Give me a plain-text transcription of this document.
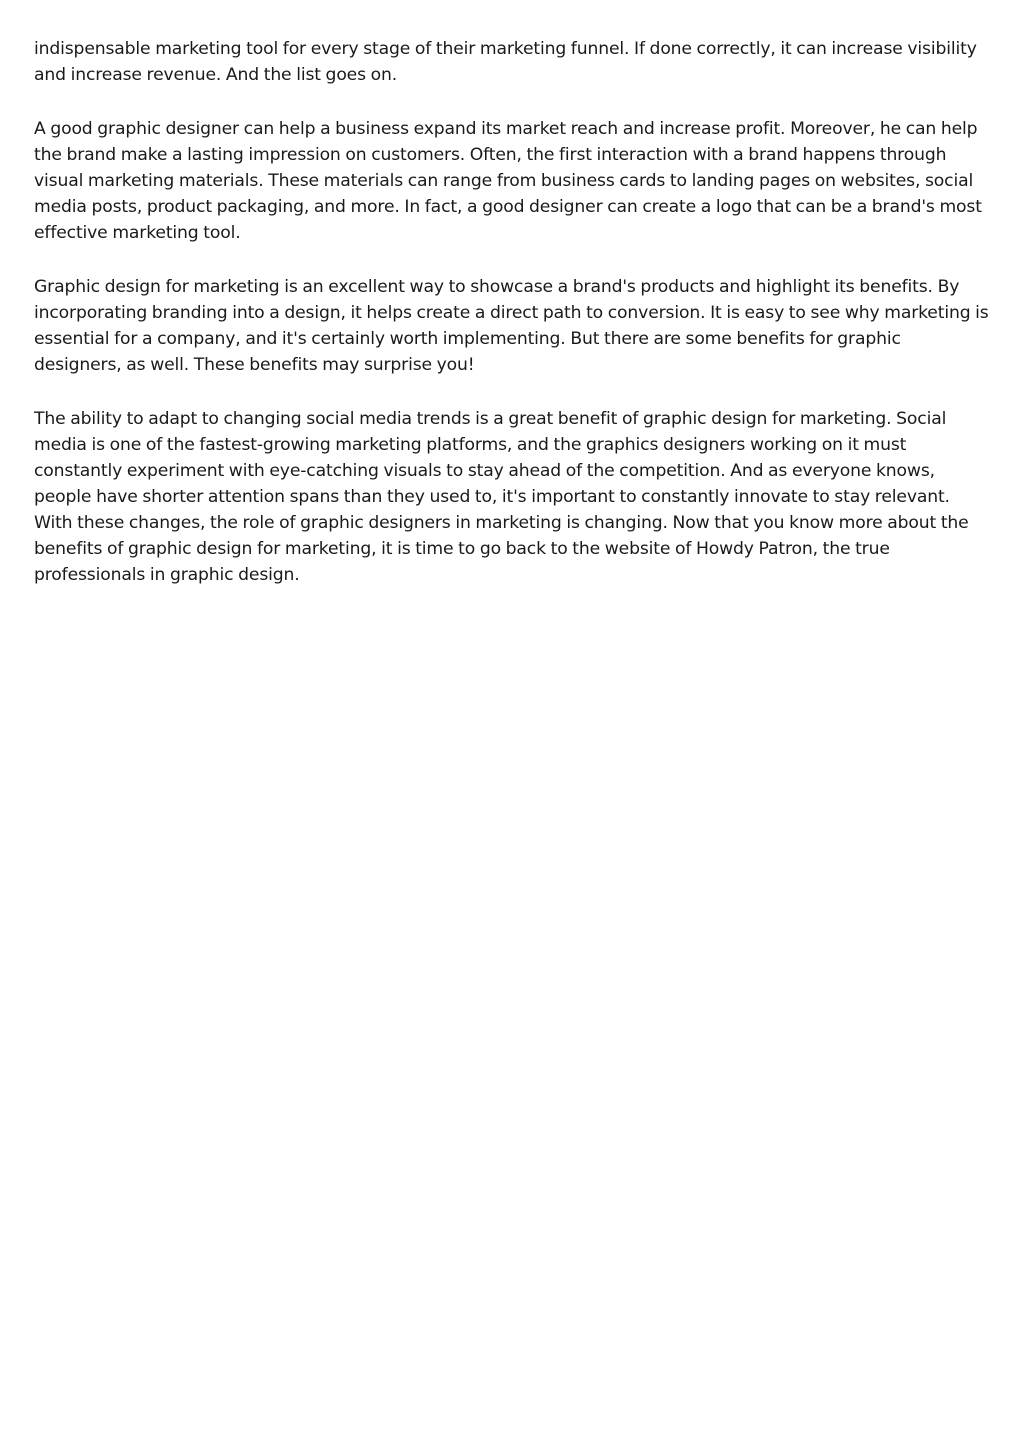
indispensable marketing tool for every stage of their marketing funnel. If done correctly, it can increase visibility and increase revenue. And the list goes on.

A good graphic designer can help a business expand its market reach and increase profit. Moreover, he can help the brand make a lasting impression on customers. Often, the first interaction with a brand happens through visual marketing materials. These materials can range from business cards to landing pages on websites, social media posts, product packaging, and more. In fact, a good designer can create a logo that can be a brand's most effective marketing tool.

Graphic design for marketing is an excellent way to showcase a brand's products and highlight its benefits. By incorporating branding into a design, it helps create a direct path to conversion. It is easy to see why marketing is essential for a company, and it's certainly worth implementing. But there are some benefits for graphic designers, as well. These benefits may surprise you!

The ability to adapt to changing social media trends is a great benefit of graphic design for marketing. Social media is one of the fastest-growing marketing platforms, and the graphics designers working on it must constantly experiment with eye-catching visuals to stay ahead of the competition. And as everyone knows, people have shorter attention spans than they used to, it's important to constantly innovate to stay relevant. With these changes, the role of graphic designers in marketing is changing. Now that you know more about the benefits of graphic design for marketing, it is time to go back to the website of Howdy Patron, the true professionals in graphic design.
